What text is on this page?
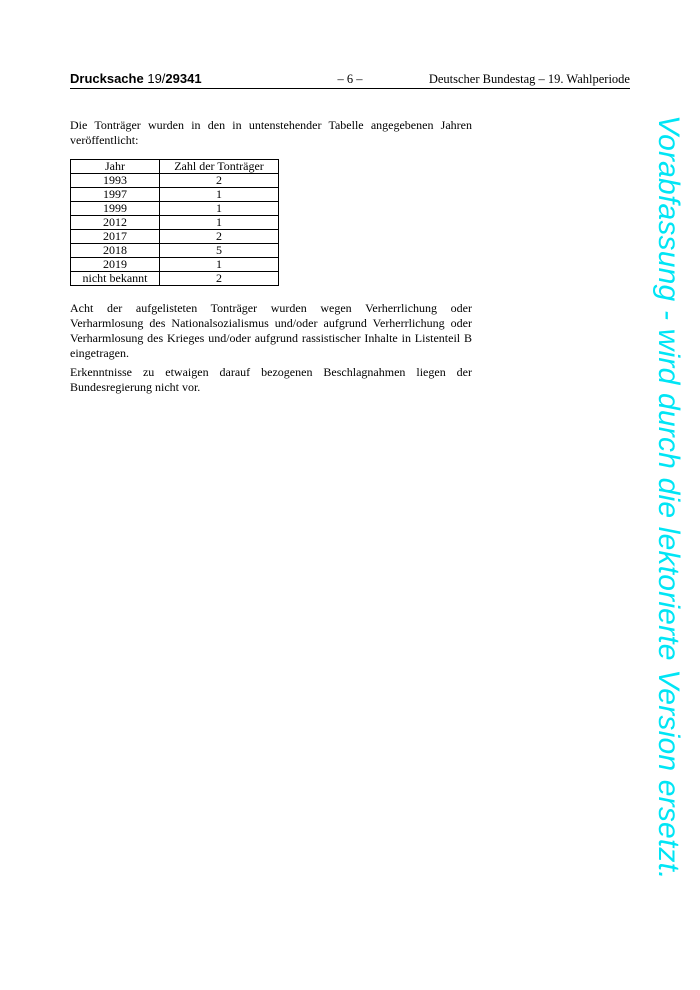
Drucksache 19/29341	– 6 –	Deutscher Bundestag – 19. Wahlperiode

Die Tonträger wurden in den in untenstehender Tabelle angegebenen Jahren veröffentlicht:

Jahr	Zahl der Tonträger
1993	2
1997	1
1999	1
2012	1
2017	2
2018	5
2019	1
nicht bekannt	2

Acht der aufgelisteten Tonträger wurden wegen Verherrlichung oder Verharmlosung des Nationalsozialismus und/oder aufgrund Verherrlichung oder Verharmlosung des Krieges und/oder aufgrund rassistischer Inhalte in Listenteil B eingetragen.

Erkenntnisse zu etwaigen darauf bezogenen Beschlagnahmen liegen der Bundesregierung nicht vor.	Vorabfassung - wird durch die lektorierte Version ersetzt.
